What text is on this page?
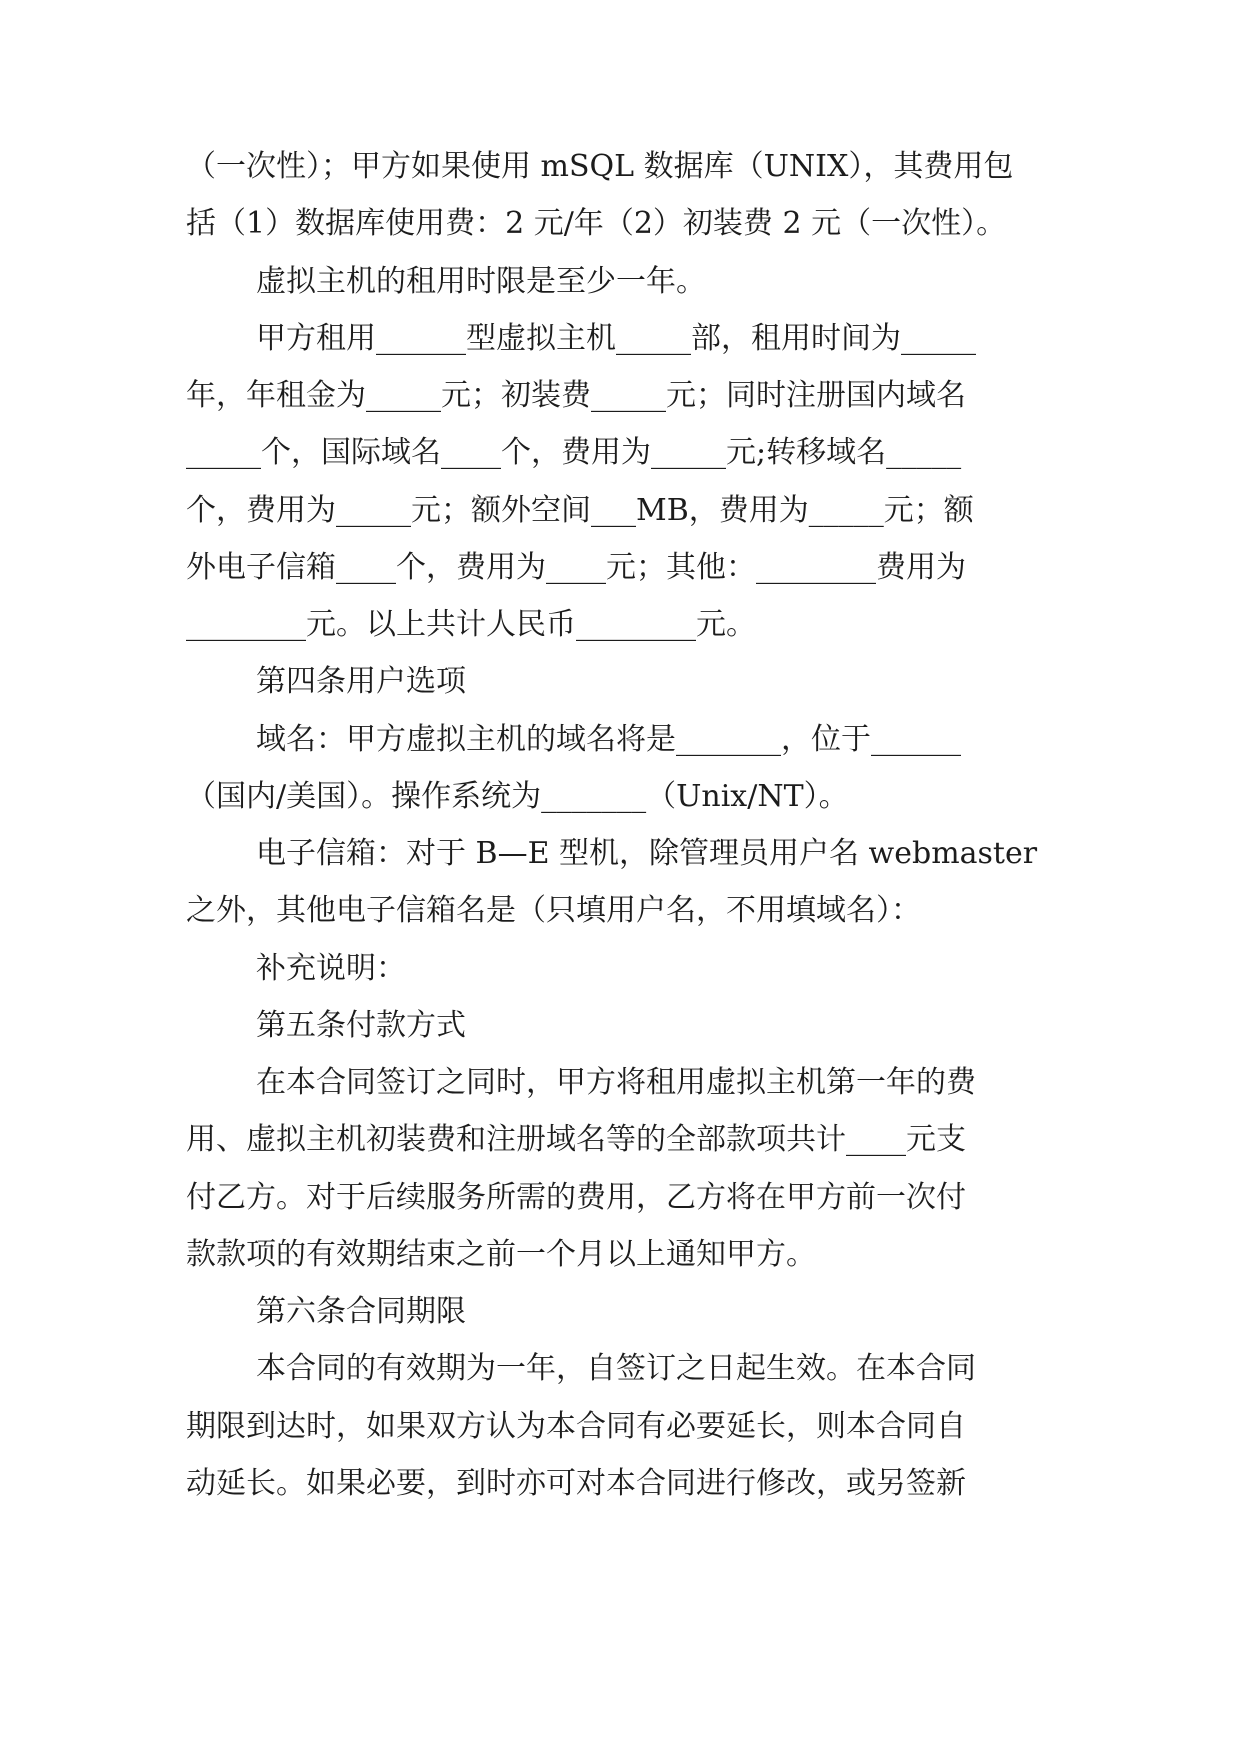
（一次性）；甲方如果使用 mSQL 数据库（UNIX），其费用包
括（1）数据库使用费：2 元/年（2）初装费 2 元（一次性）。
虚拟主机的租用时限是至少一年。
甲方租用______型虚拟主机_____部，租用时间为_____
年，年租金为_____元；初装费_____元；同时注册国内域名
_____个，国际域名____个，费用为_____元;转移域名_____
个，费用为_____元；额外空间___MB，费用为_____元；额
外电子信箱____个，费用为____元；其他：________费用为
________元。以上共计人民币________元。
第四条用户选项
域名：甲方虚拟主机的域名将是_______，位于______
（国内/美国）。操作系统为_______（Unix/NT）。
电子信箱：对于 B—E 型机，除管理员用户名 webmaster
之外，其他电子信箱名是（只填用户名，不用填域名）：
补充说明：
第五条付款方式
在本合同签订之同时，甲方将租用虚拟主机第一年的费
用、虚拟主机初装费和注册域名等的全部款项共计____元支
付乙方。对于后续服务所需的费用，乙方将在甲方前一次付
款款项的有效期结束之前一个月以上通知甲方。
第六条合同期限
本合同的有效期为一年，自签订之日起生效。在本合同
期限到达时，如果双方认为本合同有必要延长，则本合同自
动延长。如果必要，到时亦可对本合同进行修改，或另签新
